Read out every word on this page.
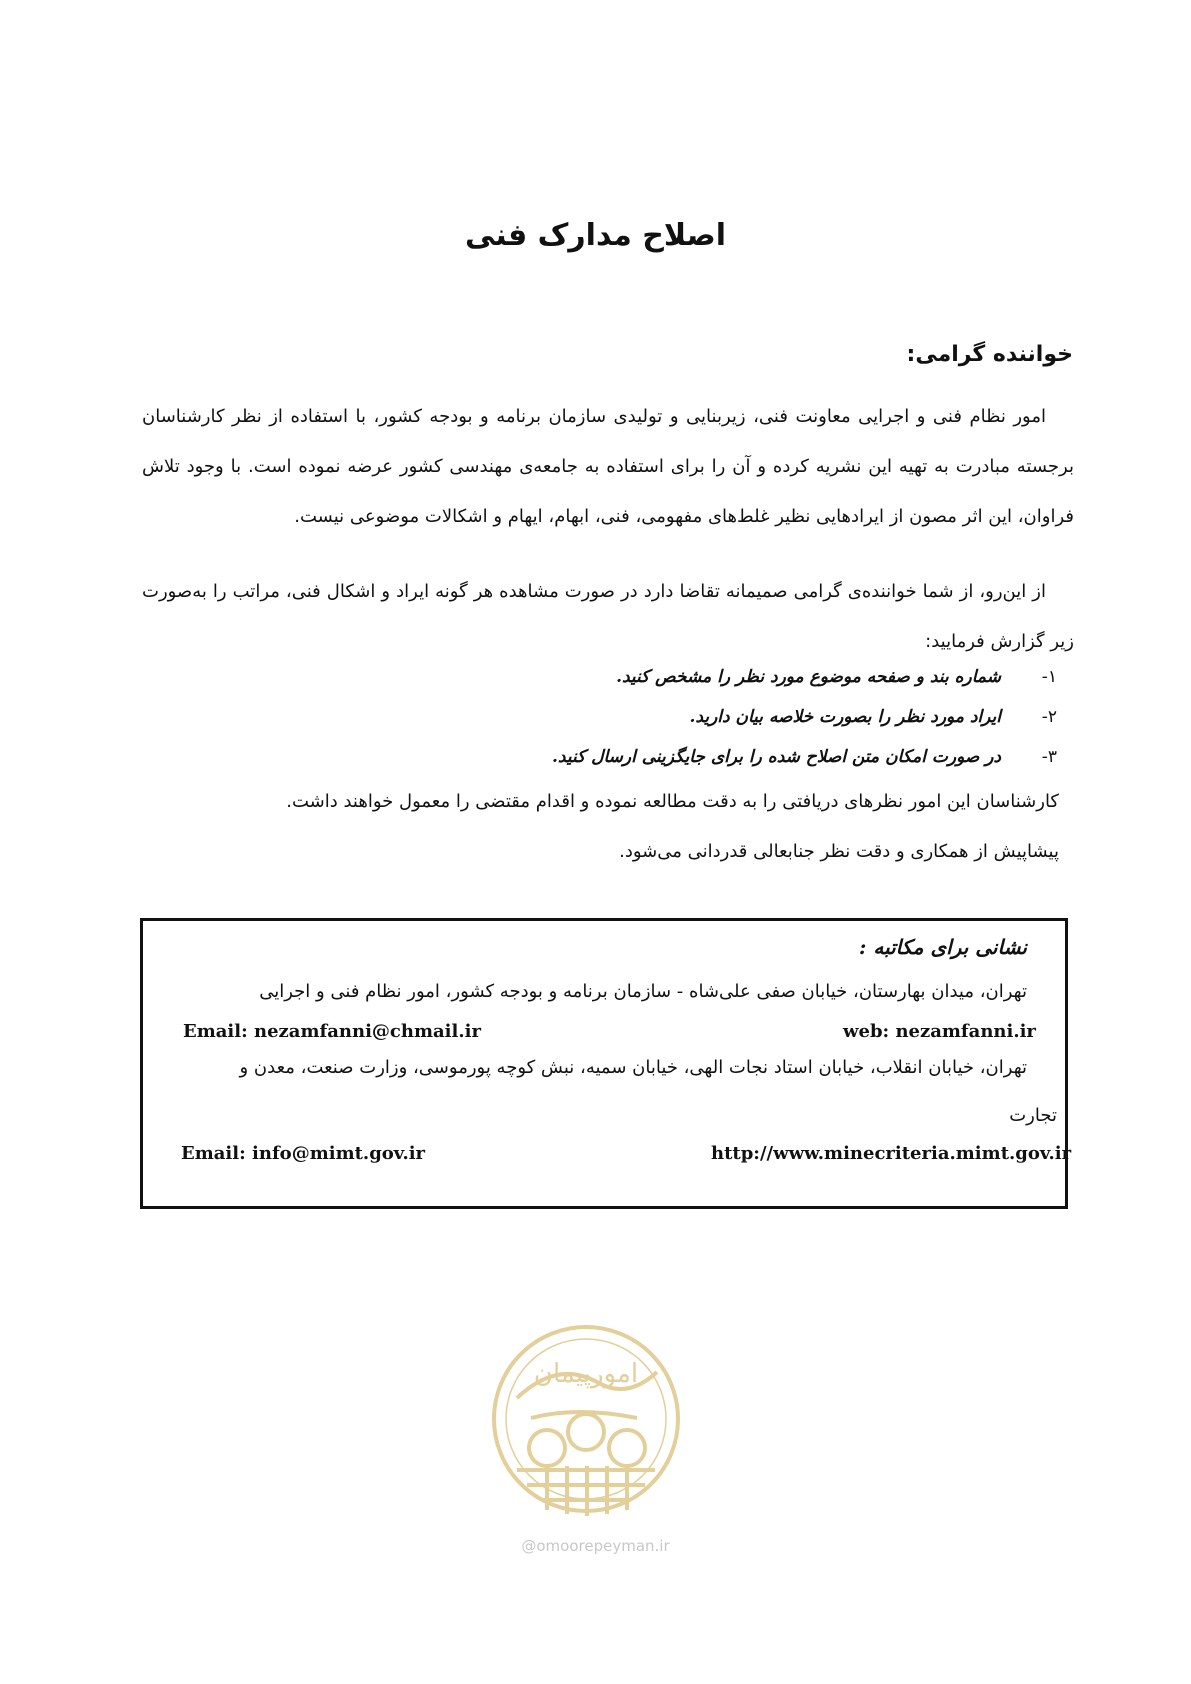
اصلاح مدارک فنی
خواننده گرامی:

امور نظام فنی و اجرایی معاونت فنی، زیربنایی و تولیدی سازمان برنامه و بودجه کشور، با استفاده از نظر کارشناسان برجسته مبادرت به تهیه این نشریه کرده و آن را برای استفاده به جامعه‌ی مهندسی کشور عرضه نموده است. با وجود تلاش فراوان، این اثر مصون از ایرادهایی نظیر غلط‌های مفهومی، فنی، ابهام، ایهام و اشکالات موضوعی نیست.

از این‌رو، از شما خواننده‌ی گرامی صمیمانه تقاضا دارد در صورت مشاهده هر گونه ایراد و اشکال فنی، مراتب را به‌صورت زیر گزارش فرمایید:

۱-شماره بند و صفحه موضوع مورد نظر را مشخص کنید.
۲-ایراد مورد نظر را بصورت خلاصه بیان دارید.
۳-در صورت امکان متن اصلاح شده را برای جایگزینی ارسال کنید.
کارشناسان این امور نظرهای دریافتی را به دقت مطالعه نموده و اقدام مقتضی را معمول خواهند داشت.
پیشاپیش از همکاری و دقت نظر جنابعالی قدردانی می‌شود.
نشانی برای مکاتبه :
تهران، میدان بهارستان، خیابان صفی علی‌شاه - سازمان برنامه و بودجه کشور، امور نظام فنی و اجرایی
Email: nezamfanni@chmail.ir	web: nezamfanni.ir
تهران، خیابان انقلاب، خیابان استاد نجات الهی، خیابان سمیه، نبش کوچه پورموسی، وزارت صنعت، معدن و
تجارت
Email: info@mimt.gov.ir	http://www.minecriteria.mimt.gov.ir
امورپیمان
@omoorepeyman.ir
